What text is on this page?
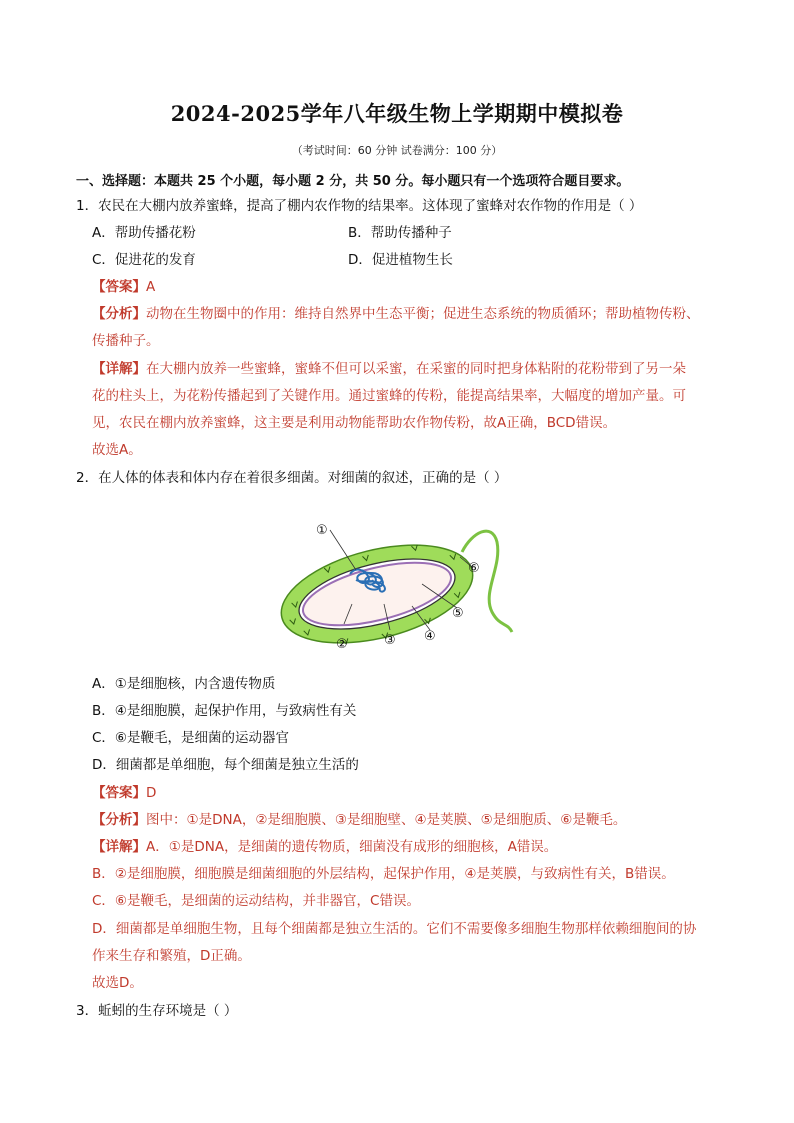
2024-2025学年八年级生物上学期期中模拟卷
（考试时间：60 分钟 试卷满分：100 分）
一、选择题：本题共 25 个小题，每小题 2 分，共 50 分。每小题只有一个选项符合题目要求。
1．农民在大棚内放养蜜蜂，提高了棚内农作物的结果率。这体现了蜜蜂对农作物的作用是（ ）
A．帮助传播花粉	B．帮助传播种子
C．促进花的发育	D．促进植物生长
【答案】A
【分析】动物在生物圈中的作用：维持自然界中生态平衡；促进生态系统的物质循环；帮助植物传粉、
传播种子。
【详解】在大棚内放养一些蜜蜂，蜜蜂不但可以采蜜，在采蜜的同时把身体粘附的花粉带到了另一朵
花的柱头上，为花粉传播起到了关键作用。通过蜜蜂的传粉，能提高结果率，大幅度的增加产量。可
见，农民在棚内放养蜜蜂，这主要是利用动物能帮助农作物传粉，故A正确，BCD错误。
故选A。
2．在人体的体表和体内存在着很多细菌。对细菌的叙述，正确的是（ ）
①
②	③ ④
⑤
⑥
A．①是细胞核，内含遗传物质
B．④是细胞膜，起保护作用，与致病性有关
C．⑥是鞭毛，是细菌的运动器官
D．细菌都是单细胞，每个细菌是独立生活的
【答案】D
【分析】图中：①是DNA，②是细胞膜、③是细胞壁、④是荚膜、⑤是细胞质、⑥是鞭毛。
【详解】A．①是DNA，是细菌的遗传物质，细菌没有成形的细胞核，A错误。
B．②是细胞膜，细胞膜是细菌细胞的外层结构，起保护作用，④是荚膜，与致病性有关，B错误。
C．⑥是鞭毛，是细菌的运动结构，并非器官，C错误。
D．细菌都是单细胞生物，且每个细菌都是独立生活的。它们不需要像多细胞生物那样依赖细胞间的协
作来生存和繁殖，D正确。
故选D。
3．蚯蚓的生存环境是（ ）
